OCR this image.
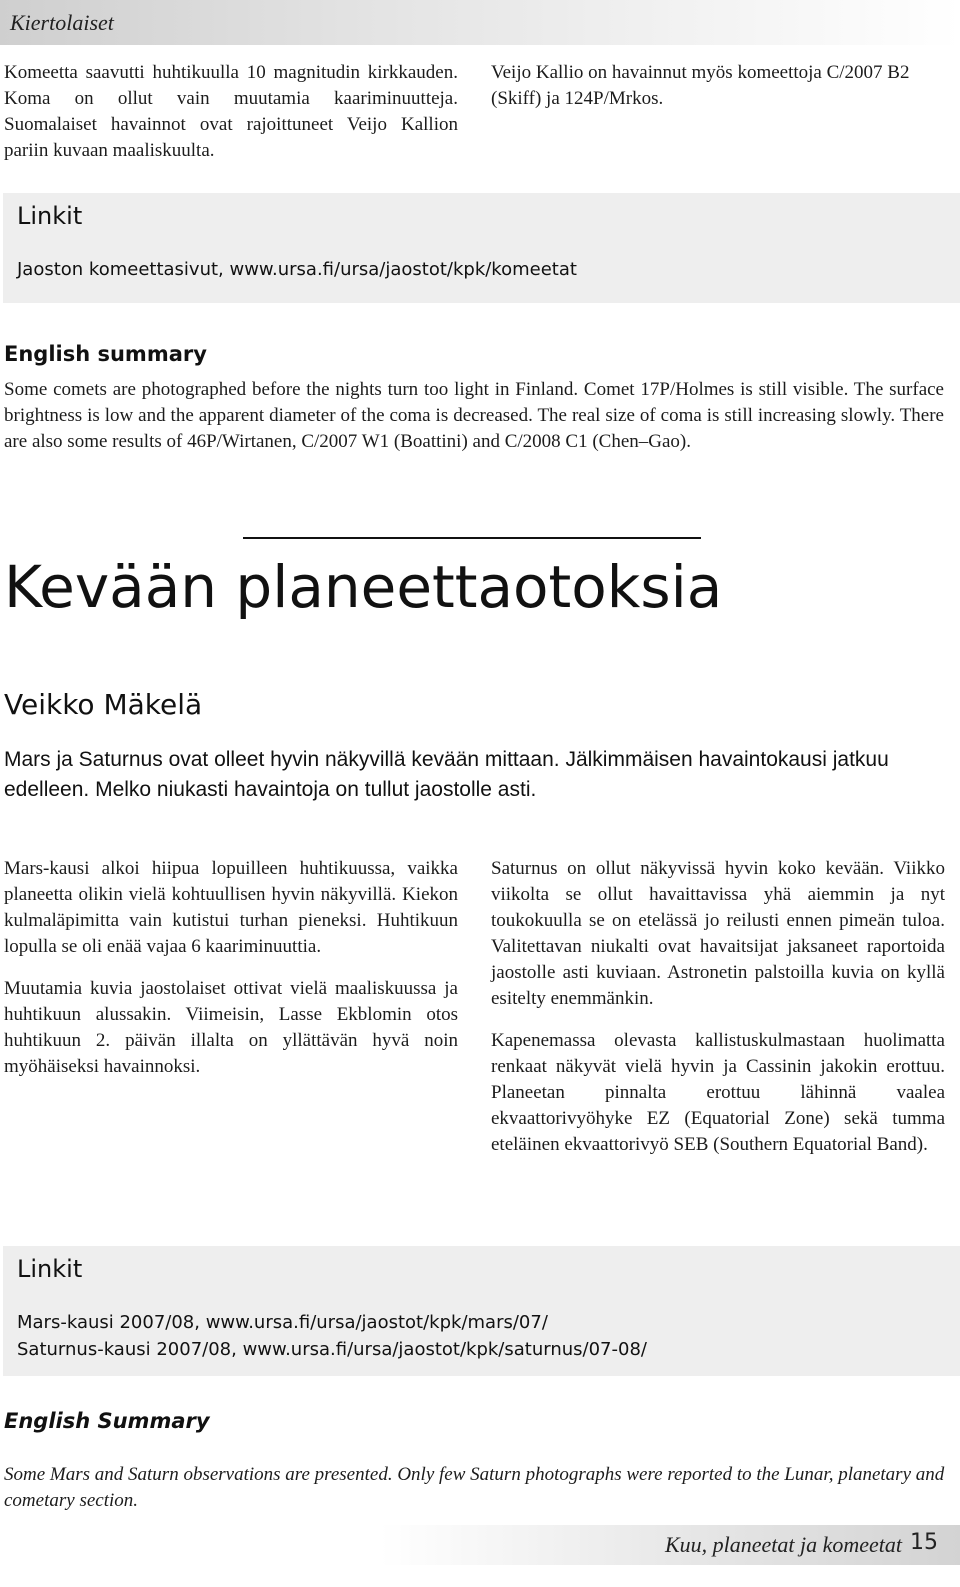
Kiertolaiset

Komeetta saavutti huhtikuulla 10 magnitudin kirkkauden. Koma on ollut vain muutamia kaariminuutteja. Suomalaiset havainnot ovat rajoittuneet Veijo Kallion pariin kuvaan maaliskuulta.

Veijo Kallio on havainnut myös komeettoja C/2007 B2 (Skiff) ja 124P/Mrkos.

Linkit
Jaoston komeettasivut, www.ursa.fi/ursa/jaostot/kpk/komeetat
English summary
Some comets are photographed before the nights turn too light in Finland. Comet 17P/Holmes is still visible. The surface brightness is low and the apparent diameter of the coma is decreased. The real size of coma is still increasing slowly. There are also some results of 46P/Wirtanen, C/2007 W1 (Boattini) and C/2008 C1 (Chen–Gao).
Kevään planeettaotoksia
Veikko Mäkelä
Mars ja Saturnus ovat olleet hyvin näkyvillä kevään mittaan. Jälkimmäisen havaintokausi jatkuu edelleen. Melko niukasti havaintoja on tullut jaostolle asti.

Mars-kausi alkoi hiipua lopuilleen huhtikuussa, vaikka planeetta olikin vielä kohtuullisen hyvin näkyvillä. Kiekon kulmaläpimitta vain kutistui turhan pieneksi. Huhtikuun lopulla se oli enää vajaa 6 kaariminuuttia.

Muutamia kuvia jaostolaiset ottivat vielä maaliskuussa ja huhtikuun alussakin. Viimeisin, Lasse Ekblomin otos huhtikuun 2. päivän illalta on yllättävän hyvä noin myöhäiseksi havainnoksi.

Saturnus on ollut näkyvissä hyvin koko kevään. Viikko viikolta se ollut havaittavissa yhä aiemmin ja nyt toukokuulla se on etelässä jo reilusti ennen pimeän tuloa. Valitettavan niukalti ovat havaitsijat jaksaneet raportoida jaostolle asti kuviaan. Astronetin palstoilla kuvia on kyllä esitelty enemmänkin.

Kapenemassa olevasta kallistuskulmastaan huolimatta renkaat näkyvät vielä hyvin ja Cassinin jakokin erottuu. Planeetan pinnalta erottuu lähinnä vaalea ekvaattorivyöhyke EZ (Equatorial Zone) sekä tumma eteläinen ekvaattorivyö SEB (Southern Equatorial Band).

Linkit
Mars-kausi 2007/08, www.ursa.fi/ursa/jaostot/kpk/mars/07/
Saturnus-kausi 2007/08, www.ursa.fi/ursa/jaostot/kpk/saturnus/07-08/
English Summary
Some Mars and Saturn observations are presented. Only few Saturn photographs were reported to the Lunar, planetary and cometary section.
Kuu, planeetat ja komeetat 15
